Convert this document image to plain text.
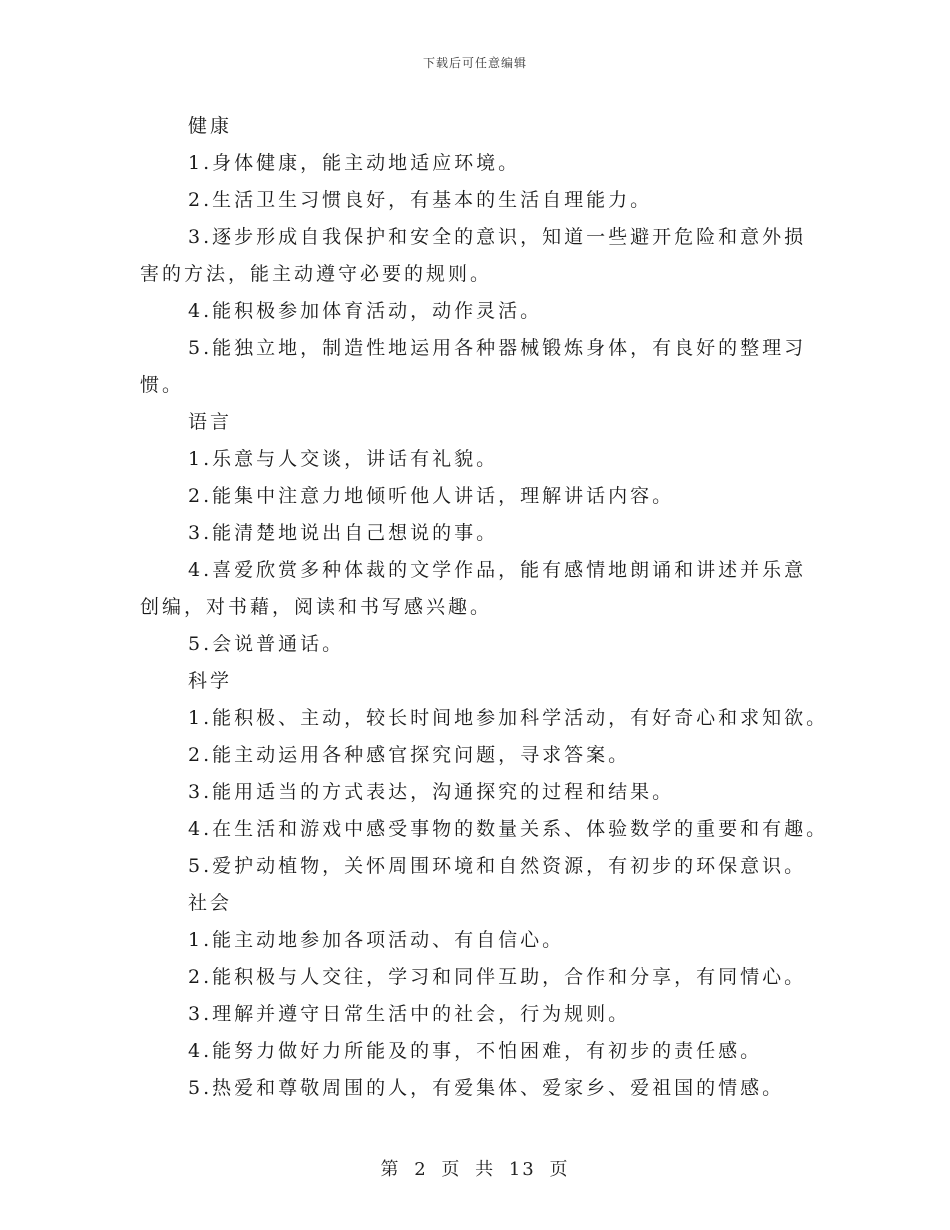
下载后可任意编辑
健康
1.身体健康，能主动地适应环境。
2.生活卫生习惯良好，有基本的生活自理能力。
3.逐步形成自我保护和安全的意识，知道一些避开危险和意外损
害的方法，能主动遵守必要的规则。
4.能积极参加体育活动，动作灵活。
5.能独立地，制造性地运用各种器械锻炼身体，有良好的整理习
惯。
语言
1.乐意与人交谈，讲话有礼貌。
2.能集中注意力地倾听他人讲话，理解讲话内容。
3.能清楚地说出自己想说的事。
4.喜爱欣赏多种体裁的文学作品，能有感情地朗诵和讲述并乐意
创编，对书藉，阅读和书写感兴趣。
5.会说普通话。
科学
1.能积极、主动，较长时间地参加科学活动，有好奇心和求知欲。
2.能主动运用各种感官探究问题，寻求答案。
3.能用适当的方式表达，沟通探究的过程和结果。
4.在生活和游戏中感受事物的数量关系、体验数学的重要和有趣。
5.爱护动植物，关怀周围环境和自然资源，有初步的环保意识。
社会
1.能主动地参加各项活动、有自信心。
2.能积极与人交往，学习和同伴互助，合作和分享，有同情心。
3.理解并遵守日常生活中的社会，行为规则。
4.能努力做好力所能及的事，不怕困难，有初步的责任感。
5.热爱和尊敬周围的人，有爱集体、爱家乡、爱祖国的情感。
第 2 页 共 13 页
